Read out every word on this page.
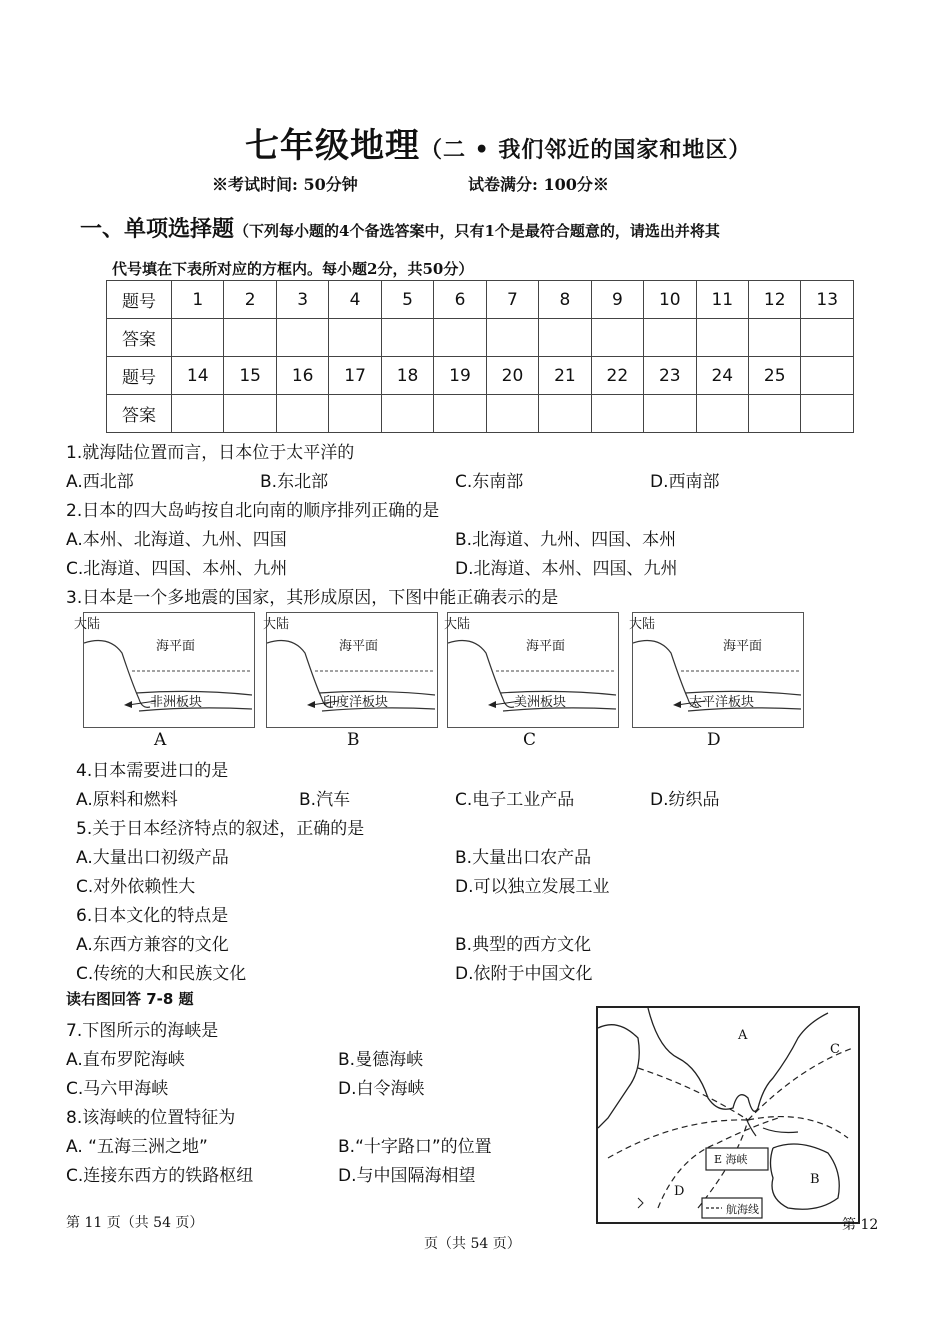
七年级地理（二 • 我们邻近的国家和地区）
※考试时间: 50分钟	试卷满分: 100分※
一、单项选择题（下列每小题的4个备选答案中，只有1个是最符合题意的，请选出并将其
代号填在下表所对应的方框内。每小题2分，共50分）
题号	1	2	3	4	5	6	7	8	9	10	11	12	13
答案													
题号	14	15	16	17	18	19	20	21	22	23	24	25	
答案													
1.就海陆位置而言，日本位于太平洋的
A.西北部	B.东北部	C.东南部	D.西南部
2.日本的四大岛屿按自北向南的顺序排列正确的是
A.本州、北海道、九州、四国	B.北海道、九州、四国、本州
C.北海道、四国、本州、九州	D.北海道、本州、四国、九州
3.日本是一个多地震的国家，其形成原因，下图中能正确表示的是
大陆
海平面
非洲板块
A
大陆
海平面
印度洋板块
B
大陆
海平面
美洲板块
C
大陆
海平面
太平洋板块
D
4.日本需要进口的是
A.原料和燃料	B.汽车	C.电子工业产品	D.纺织品
5.关于日本经济特点的叙述，正确的是
A.大量出口初级产品	B.大量出口农产品
C.对外依赖性大	D.可以独立发展工业
6.日本文化的特点是
A.东西方兼容的文化	B.典型的西方文化
C.传统的大和民族文化	D.依附于中国文化
读右图回答 7-8 题
7.下图所示的海峡是
A.直布罗陀海峡	B.曼德海峡
C.马六甲海峡	D.白令海峡
8.该海峡的位置特征为
A. “五海三洲之地”	B.“十字路口”的位置
C.连接东西方的铁路枢纽	D.与中国隔海相望
A
B
C
D
E 海峡
航海线
第 11 页（共 54 页）	第 12
页（共 54 页）
